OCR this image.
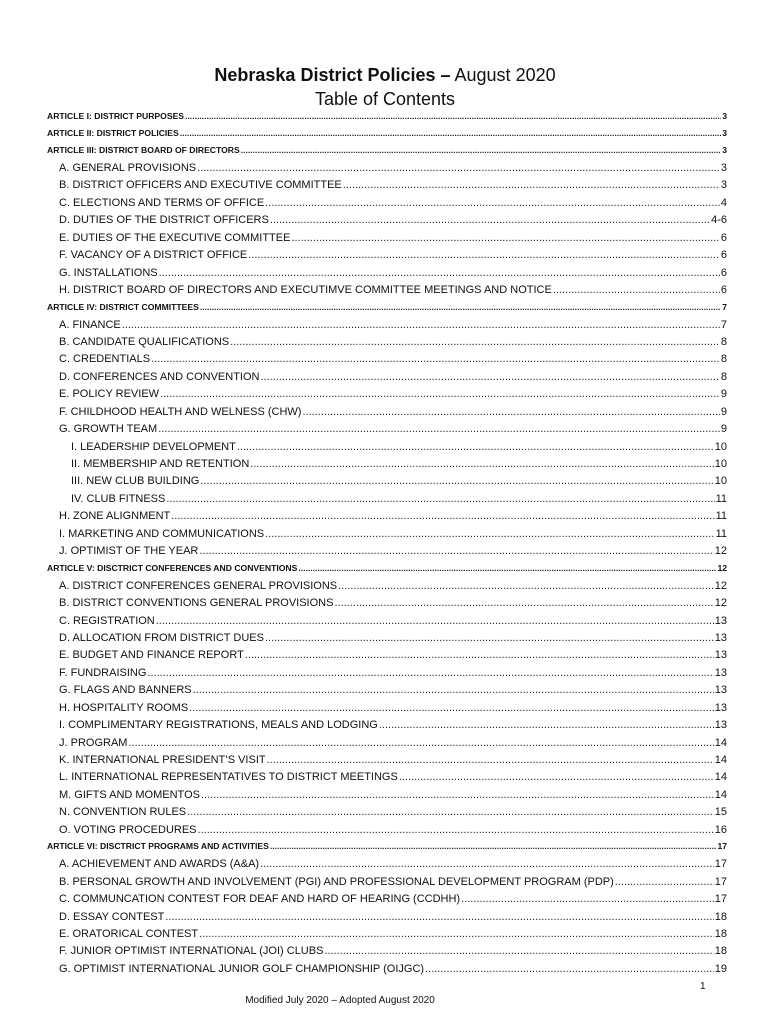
Nebraska District Policies – August 2020
Table of Contents
ARTICLE I: DISTRICT PURPOSES .....	3
ARTICLE II: DISTRICT POLICIES .....	3
ARTICLE III: DISTRICT BOARD OF DIRECTORS .....	3
A. GENERAL PROVISIONS .....	3
B. DISTRICT OFFICERS AND EXECUTIVE COMMITTEE .....	3
C. ELECTIONS AND TERMS OF OFFICE .....	4
D. DUTIES OF THE DISTRICT OFFICERS .....	4-6
E. DUTIES OF THE EXECUTIVE COMMITTEE .....	6
F. VACANCY OF A DISTRICT OFFICE .....	6
G. INSTALLATIONS .....	6
H. DISTRICT BOARD OF DIRECTORS AND EXECUTIMVE COMMITTEE MEETINGS AND NOTICE .....	6
ARTICLE IV: DISTRICT COMMITTEES .....	7
A. FINANCE .....	7
B. CANDIDATE QUALIFICATIONS .....	8
C. CREDENTIALS .....	8
D. CONFERENCES AND CONVENTION .....	8
E. POLICY REVIEW .....	9
F. CHILDHOOD HEALTH AND WELNESS (CHW) .....	9
G. GROWTH TEAM .....	9
I. LEADERSHIP DEVELOPMENT .....	10
II. MEMBERSHIP AND RETENTION .....	10
III. NEW CLUB BUILDING .....	10
IV. CLUB FITNESS .....	11
H. ZONE ALIGNMENT .....	11
I. MARKETING AND COMMUNICATIONS .....	11
J. OPTIMIST OF THE YEAR .....	12
ARTICLE V: DISCTRICT CONFERENCES AND CONVENTIONS .....	12
A. DISTRICT CONFERENCES GENERAL PROVISIONS .....	12
B. DISTRICT CONVENTIONS GENERAL PROVISIONS .....	12
C. REGISTRATION .....	13
D. ALLOCATION FROM DISTRICT DUES .....	13
E. BUDGET AND FINANCE REPORT .....	13
F. FUNDRAISING .....	13
G. FLAGS AND BANNERS .....	13
H. HOSPITALITY ROOMS .....	13
I. COMPLIMENTARY REGISTRATIONS, MEALS AND LODGING .....	13
J. PROGRAM .....	14
K. INTERNATIONAL PRESIDENT’S VISIT .....	14
L. INTERNATIONAL REPRESENTATIVES TO DISTRICT MEETINGS .....	14
M. GIFTS AND MOMENTOS .....	14
N. CONVENTION RULES .....	15
O. VOTING PROCEDURES .....	16
ARTICLE VI: DISCTRICT PROGRAMS AND ACTIVITIES .....	17
A. ACHIEVEMENT AND AWARDS (A&A) .....	17
B. PERSONAL GROWTH AND INVOLVEMENT (PGI) AND PROFESSIONAL DEVELOPMENT PROGRAM (PDP) .....	17
C. COMMUNCATION CONTEST FOR DEAF AND HARD OF HEARING (CCDHH) .....	17
D. ESSAY CONTEST .....	18
E. ORATORICAL CONTEST .....	18
F. JUNIOR OPTIMIST INTERNATIONAL (JOI) CLUBS .....	18
G. OPTIMIST INTERNATIONAL JUNIOR GOLF CHAMPIONSHIP (OIJGC) .....	19
1
Modified July 2020 – Adopted August 2020
